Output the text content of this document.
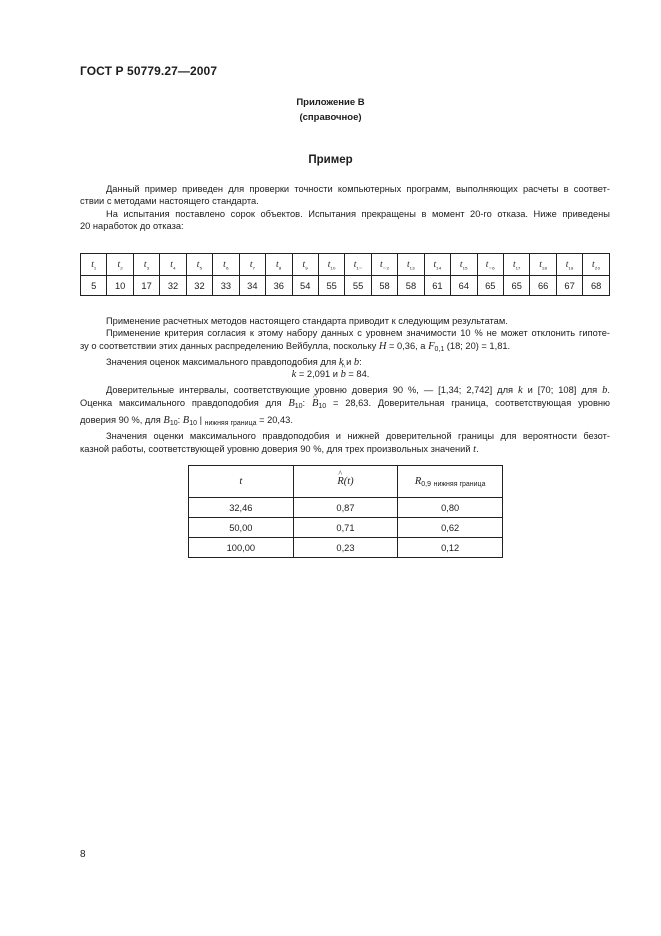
ГОСТ Р 50779.27—2007
Приложение В
(справочное)
Пример
Данный пример приведен для проверки точности компьютерных программ, выполняющих расчеты в соответ-
ствии с методами настоящего стандарта.
На испытания поставлено сорок объектов. Испытания прекращены в момент 20-го отказа. Ниже приведены
20 наработок до отказа:
$t_{_1}$	$t_{_2}$	$t_{_3}$	$t_{_4}$	$t_{_5}$	$t_{_6}$	$t_{_7}$	$t_{_8}$	$t_{_9}$	$t_{_{10}}$	$t_{_{1-}}$	$t_{_{-2}}$	$t_{_{13}}$	$t_{_{14}}$	$t_{_{15}}$	$t_{_{-6}}$	$t_{_{17}}$	$t_{_{18}}$	$t_{_{19}}$	$t_{_{20}}$
5	10	17	32	32	33	34	36	54	55	55	58	58	61	64	65	65	66	67	68
Применение расчетных методов настоящего стандарта приводит к следующим результатам.
Применение критерия согласия к этому набору данных с уровнем значимости 10 % не может отклонить гипоте-
зу о соответствии этих данных распределению Вейбулла, поскольку H = 0,36, а $F_{0,1}$ (18; 20) = 1,81.
Значения оценок максимального правдоподобия для k и b:
^ k = 2,091 и ^ b = 84.
Доверительные интервалы, соответствующие уровню доверия 90 %, — [1,34; 2,742] для k и [70; 108] для b.
Оценка максимального правдоподобия для $B_{10}$: ^ $B_{10} = 28,63$. Доверительная граница, соответствующая уровню
доверия 90 %, для $B_{10}$: $B_{10}$ | $_{нижняя граница}$ = 20,43.
Значения оценки максимального правдоподобия и нижней доверительной границы для вероятности безот-
казной работы, соответствующей уровню доверия 90 %, для трех произвольных значений t.
t	^ R(t)	$R_{0,9}$ $_{нижняя граница}$
32,46	0,87	0,80
50,00	0,71	0,62
100,00	0,23	0,12
8
